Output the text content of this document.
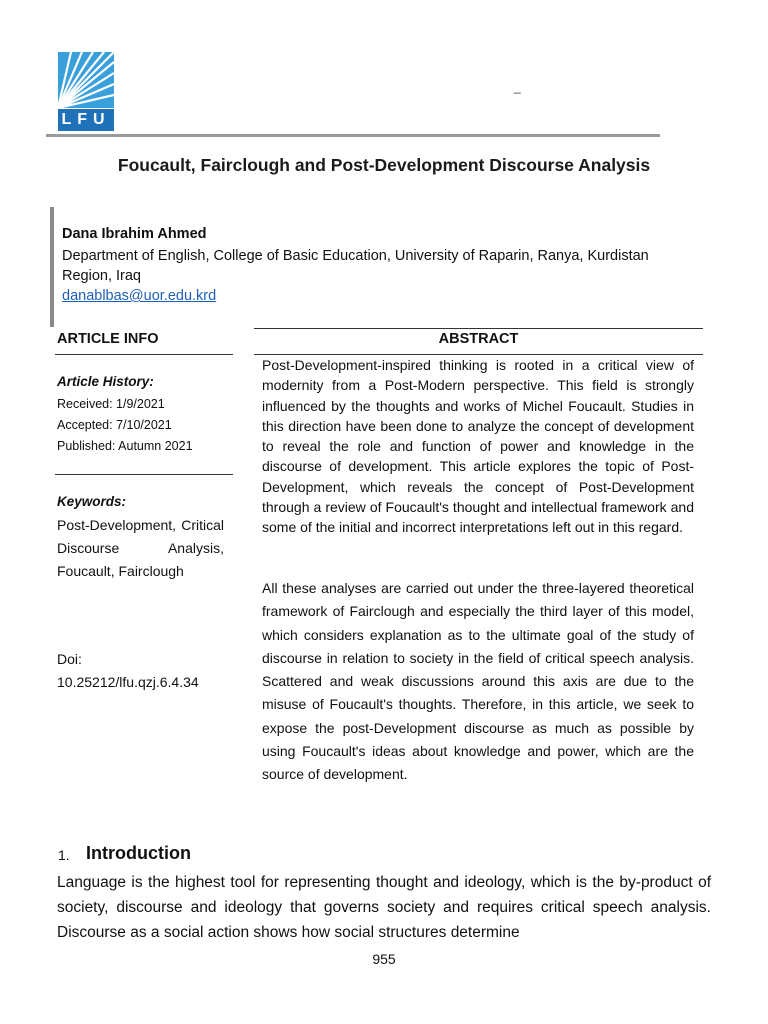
LFU
_
Foucault, Fairclough and Post-Development Discourse Analysis
Dana Ibrahim Ahmed
Department of English, College of Basic Education, University of Raparin, Ranya, Kurdistan Region, Iraq
danablbas@uor.edu.krd
ARTICLE INFO
Article History:
Received: 1/9/2021
Accepted: 7/10/2021
Published: Autumn 2021
Keywords:
Post-Development, Critical Discourse Analysis, Foucault, Fairclough
Doi:
10.25212/lfu.qzj.6.4.34
ABSTRACT
Post-Development-inspired thinking is rooted in a critical view of modernity from a Post-Modern perspective. This field is strongly influenced by the thoughts and works of Michel Foucault. Studies in this direction have been done to analyze the concept of development to reveal the role and function of power and knowledge in the discourse of development. This article explores the topic of Post-Development, which reveals the concept of Post-Development through a review of Foucault's thought and intellectual framework and some of the initial and incorrect interpretations left out in this regard.
All these analyses are carried out under the three-layered theoretical framework of Fairclough and especially the third layer of this model, which considers explanation as to the ultimate goal of the study of discourse in relation to society in the field of critical speech analysis. Scattered and weak discussions around this axis are due to the misuse of Foucault's thoughts. Therefore, in this article, we seek to expose the post-Development discourse as much as possible by using Foucault's ideas about knowledge and power, which are the source of development.
1. Introduction
Language is the highest tool for representing thought and ideology, which is the by-product of society, discourse and ideology that governs society and requires critical speech analysis. Discourse as a social action shows how social structures determine
955
